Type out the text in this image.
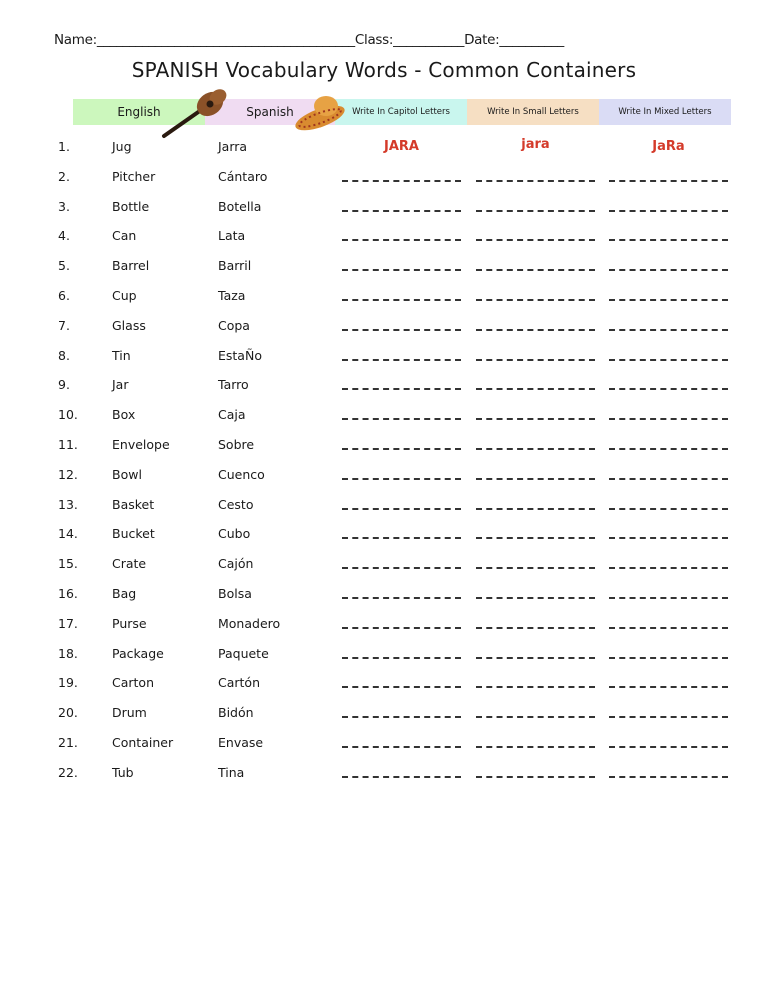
Name:________________________________________Class:___________Date:__________
SPANISH Vocabulary Words - Common Containers
English	Spanish	Write In Capitol Letters	Write In Small Letters	Write In Mixed Letters
1.	Jug	Jarra	JARA	jara	JaRa
2.	Pitcher	Cántaro
3.	Bottle	Botella
4.	Can	Lata
5.	Barrel	Barril
6.	Cup	Taza
7.	Glass	Copa
8.	Tin	EstaÑo
9.	Jar	Tarro
10.	Box	Caja
11.	Envelope	Sobre
12.	Bowl	Cuenco
13.	Basket	Cesto
14.	Bucket	Cubo
15.	Crate	Cajón
16.	Bag	Bolsa
17.	Purse	Monadero
18.	Package	Paquete
19.	Carton	Cartón
20.	Drum	Bidón
21.	Container	Envase
22.	Tub	Tina
